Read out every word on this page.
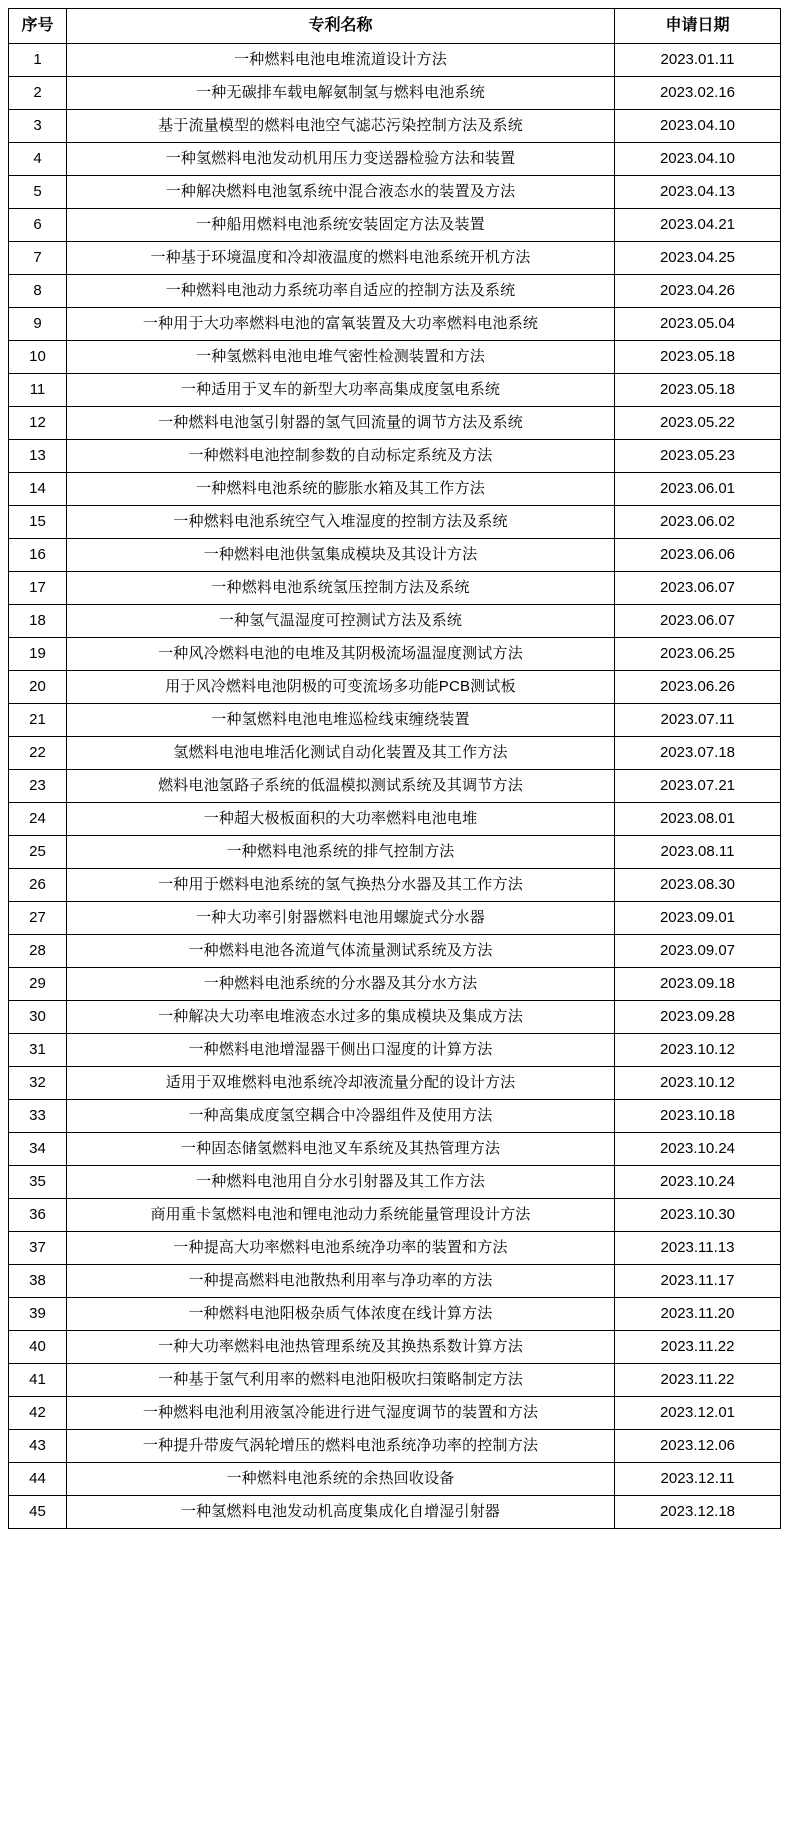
序号	专利名称	申请日期
1	一种燃料电池电堆流道设计方法	2023.01.11
2	一种无碳排车载电解氨制氢与燃料电池系统	2023.02.16
3	基于流量模型的燃料电池空气滤芯污染控制方法及系统	2023.04.10
4	一种氢燃料电池发动机用压力变送器检验方法和装置	2023.04.10
5	一种解决燃料电池氢系统中混合液态水的装置及方法	2023.04.13
6	一种船用燃料电池系统安装固定方法及装置	2023.04.21
7	一种基于环境温度和冷却液温度的燃料电池系统开机方法	2023.04.25
8	一种燃料电池动力系统功率自适应的控制方法及系统	2023.04.26
9	一种用于大功率燃料电池的富氧装置及大功率燃料电池系统	2023.05.04
10	一种氢燃料电池电堆气密性检测装置和方法	2023.05.18
11	一种适用于叉车的新型大功率高集成度氢电系统	2023.05.18
12	一种燃料电池氢引射器的氢气回流量的调节方法及系统	2023.05.22
13	一种燃料电池控制参数的自动标定系统及方法	2023.05.23
14	一种燃料电池系统的膨胀水箱及其工作方法	2023.06.01
15	一种燃料电池系统空气入堆湿度的控制方法及系统	2023.06.02
16	一种燃料电池供氢集成模块及其设计方法	2023.06.06
17	一种燃料电池系统氢压控制方法及系统	2023.06.07
18	一种氢气温湿度可控测试方法及系统	2023.06.07
19	一种风冷燃料电池的电堆及其阴极流场温湿度测试方法	2023.06.25
20	用于风冷燃料电池阴极的可变流场多功能PCB测试板	2023.06.26
21	一种氢燃料电池电堆巡检线束缠绕装置	2023.07.11
22	氢燃料电池电堆活化测试自动化装置及其工作方法	2023.07.18
23	燃料电池氢路子系统的低温模拟测试系统及其调节方法	2023.07.21
24	一种超大极板面积的大功率燃料电池电堆	2023.08.01
25	一种燃料电池系统的排气控制方法	2023.08.11
26	一种用于燃料电池系统的氢气换热分水器及其工作方法	2023.08.30
27	一种大功率引射器燃料电池用螺旋式分水器	2023.09.01
28	一种燃料电池各流道气体流量测试系统及方法	2023.09.07
29	一种燃料电池系统的分水器及其分水方法	2023.09.18
30	一种解决大功率电堆液态水过多的集成模块及集成方法	2023.09.28
31	一种燃料电池增湿器干侧出口湿度的计算方法	2023.10.12
32	适用于双堆燃料电池系统冷却液流量分配的设计方法	2023.10.12
33	一种高集成度氢空耦合中冷器组件及使用方法	2023.10.18
34	一种固态储氢燃料电池叉车系统及其热管理方法	2023.10.24
35	一种燃料电池用自分水引射器及其工作方法	2023.10.24
36	商用重卡氢燃料电池和锂电池动力系统能量管理设计方法	2023.10.30
37	一种提高大功率燃料电池系统净功率的装置和方法	2023.11.13
38	一种提高燃料电池散热利用率与净功率的方法	2023.11.17
39	一种燃料电池阳极杂质气体浓度在线计算方法	2023.11.20
40	一种大功率燃料电池热管理系统及其换热系数计算方法	2023.11.22
41	一种基于氢气利用率的燃料电池阳极吹扫策略制定方法	2023.11.22
42	一种燃料电池利用液氢冷能进行进气湿度调节的装置和方法	2023.12.01
43	一种提升带废气涡轮增压的燃料电池系统净功率的控制方法	2023.12.06
44	一种燃料电池系统的余热回收设备	2023.12.11
45	一种氢燃料电池发动机高度集成化自增湿引射器	2023.12.18
